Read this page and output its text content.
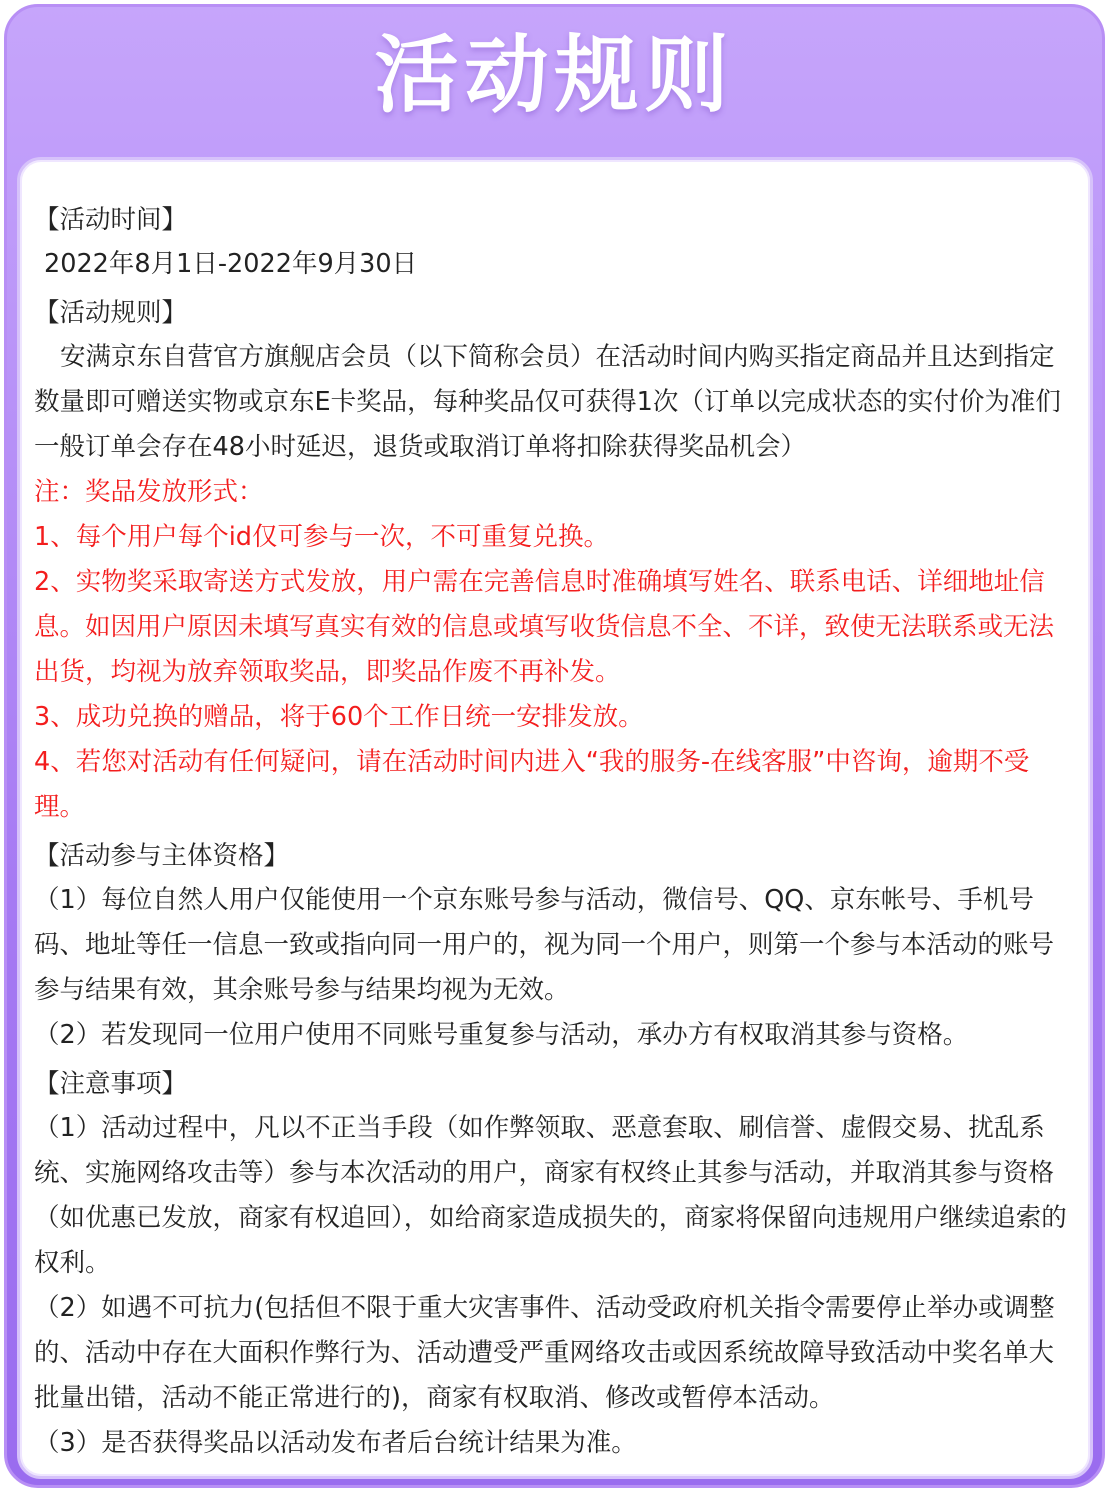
活动规则
【活动时间】
2022年8月1日-2022年9月30日
【活动规则】
安满京东自营官方旗舰店会员（以下简称会员）在活动时间内购买指定商品并且达到指定数量即可赠送实物或京东E卡奖品，每种奖品仅可获得1次（订单以完成状态的实付价为准们一般订单会存在48小时延迟，退货或取消订单将扣除获得奖品机会）
注：奖品发放形式：
1、每个用户每个id仅可参与一次，不可重复兑换。
2、实物奖采取寄送方式发放，用户需在完善信息时准确填写姓名、联系电话、详细地址信息。如因用户原因未填写真实有效的信息或填写收货信息不全、不详，致使无法联系或无法出货，均视为放弃领取奖品，即奖品作废不再补发。
3、成功兑换的赠品，将于60个工作日统一安排发放。
4、若您对活动有任何疑问，请在活动时间内进入“我的服务-在线客服”中咨询，逾期不受理。
【活动参与主体资格】
（1）每位自然人用户仅能使用一个京东账号参与活动，微信号、QQ、京东帐号、手机号码、地址等任一信息一致或指向同一用户的，视为同一个用户，则第一个参与本活动的账号参与结果有效，其余账号参与结果均视为无效。
（2）若发现同一位用户使用不同账号重复参与活动，承办方有权取消其参与资格。
【注意事项】
（1）活动过程中，凡以不正当手段（如作弊领取、恶意套取、刷信誉、虚假交易、扰乱系统、实施网络攻击等）参与本次活动的用户，商家有权终止其参与活动，并取消其参与资格（如优惠已发放，商家有权追回），如给商家造成损失的，商家将保留向违规用户继续追索的权利。
（2）如遇不可抗力(包括但不限于重大灾害事件、活动受政府机关指令需要停止举办或调整的、活动中存在大面积作弊行为、活动遭受严重网络攻击或因系统故障导致活动中奖名单大批量出错，活动不能正常进行的)，商家有权取消、修改或暂停本活动。
（3）是否获得奖品以活动发布者后台统计结果为准。
